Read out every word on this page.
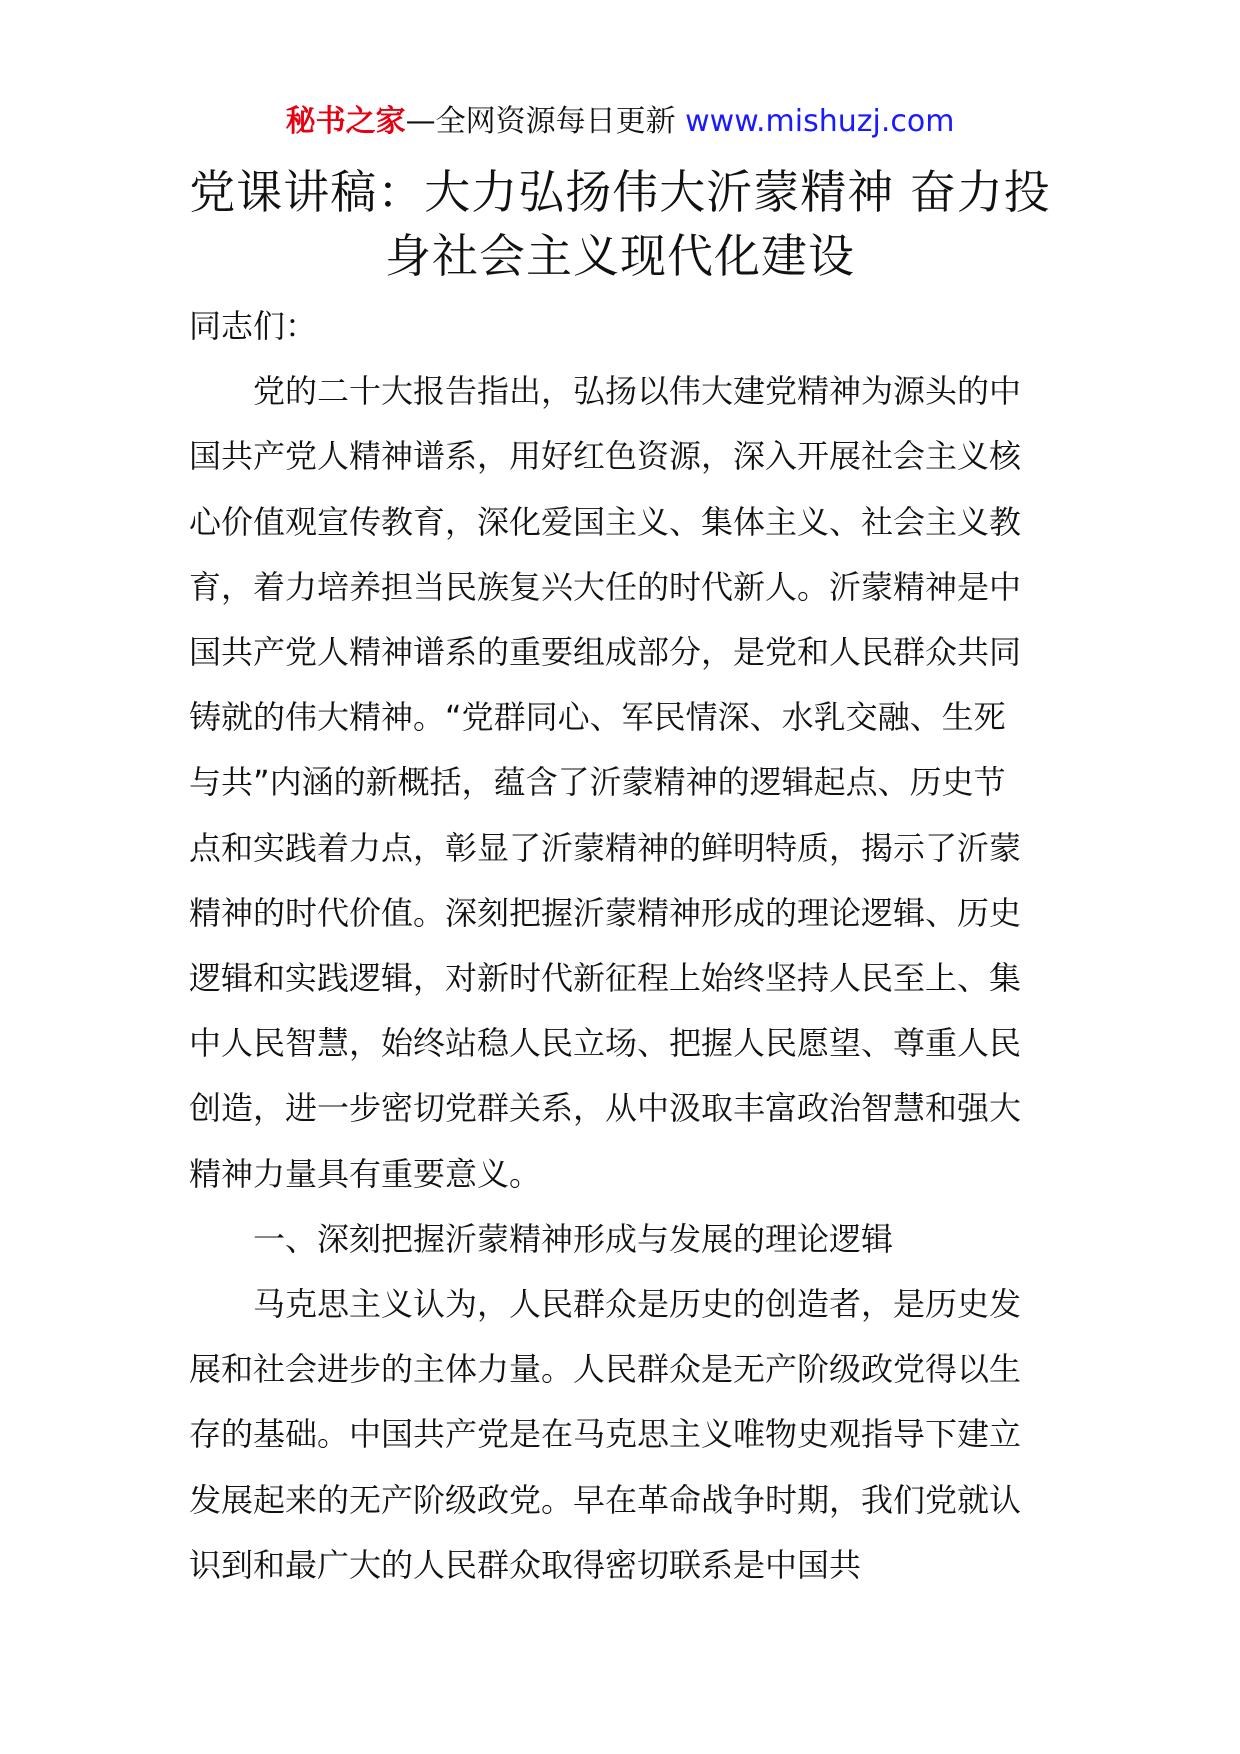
秘书之家—全网资源每日更新 www.mishuzj.com
党课讲稿：大力弘扬伟大沂蒙精神 奋力投身社会主义现代化建设

同志们：

党的二十大报告指出，弘扬以伟大建党精神为源头的中国共产党人精神谱系，用好红色资源，深入开展社会主义核心价值观宣传教育，深化爱国主义、集体主义、社会主义教育，着力培养担当民族复兴大任的时代新人。沂蒙精神是中国共产党人精神谱系的重要组成部分，是党和人民群众共同铸就的伟大精神。“党群同心、军民情深、水乳交融、生死与共”内涵的新概括，蕴含了沂蒙精神的逻辑起点、历史节点和实践着力点，彰显了沂蒙精神的鲜明特质，揭示了沂蒙精神的时代价值。深刻把握沂蒙精神形成的理论逻辑、历史逻辑和实践逻辑，对新时代新征程上始终坚持人民至上、集中人民智慧，始终站稳人民立场、把握人民愿望、尊重人民创造，进一步密切党群关系，从中汲取丰富政治智慧和强大精神力量具有重要意义。

一、深刻把握沂蒙精神形成与发展的理论逻辑

马克思主义认为，人民群众是历史的创造者，是历史发展和社会进步的主体力量。人民群众是无产阶级政党得以生存的基础。中国共产党是在马克思主义唯物史观指导下建立发展起来的无产阶级政党。早在革命战争时期，我们党就认识到和最广大的人民群众取得密切联系是中国共
